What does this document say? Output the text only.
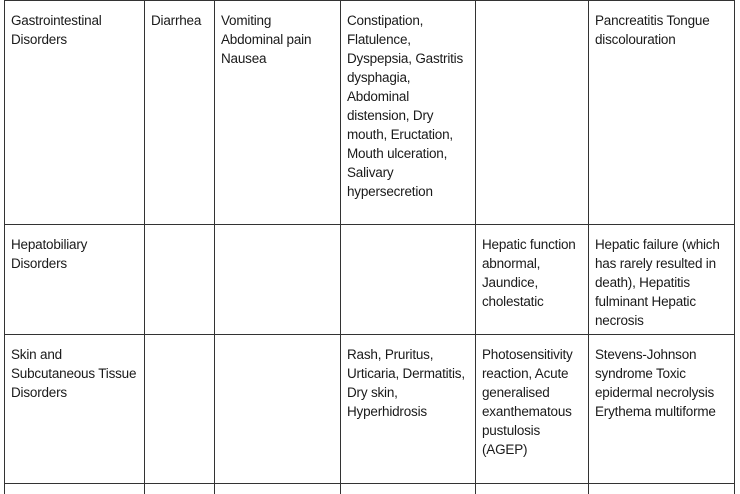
Gastrointestinal Disorders	Diarrhea	Vomiting Abdominal pain Nausea	Constipation, Flatulence, Dyspepsia, Gastritis dysphagia, Abdominal distension, Dry mouth, Eructation, Mouth ulceration, Salivary hypersecretion		Pancreatitis Tongue discolouration

Hepatobiliary Disorders				Hepatic function abnormal, Jaundice, cholestatic	Hepatic failure (which has rarely resulted in death), Hepatitis fulminant Hepatic necrosis

Skin and Subcutaneous Tissue Disorders			Rash, Pruritus, Urticaria, Dermatitis, Dry skin, Hyperhidrosis	Photosensitivity reaction, Acute generalised exanthematous pustulosis (AGEP)	Stevens-Johnson syndrome Toxic epidermal necrolysis Erythema multiforme
